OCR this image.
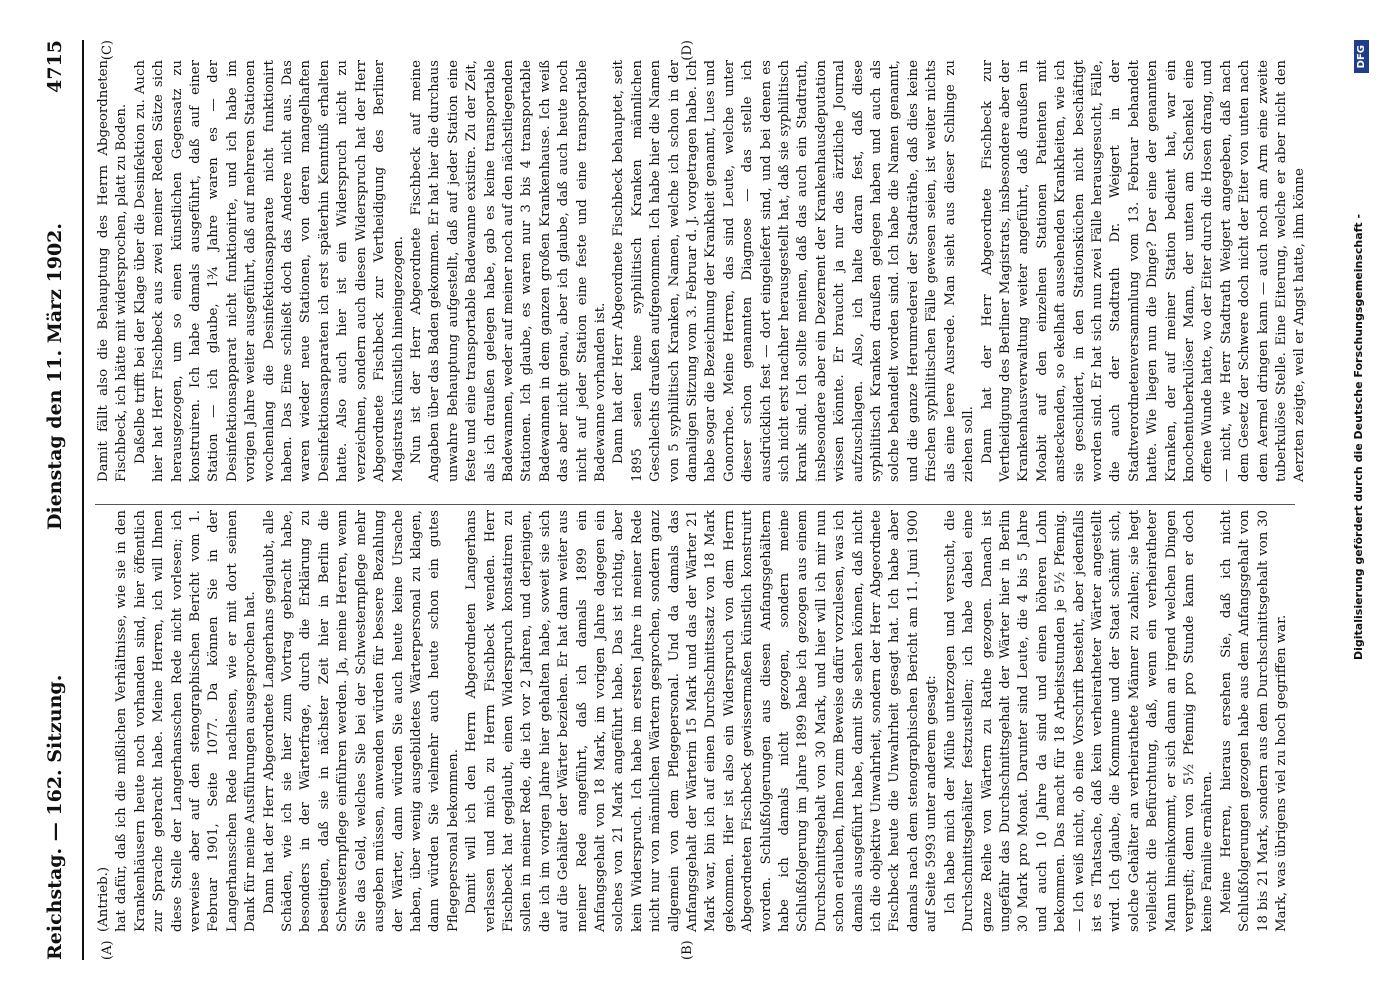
Reichstag. — 162. Sitzung.
Dienstag den 11. März 1902.
4715
(A)	(B)
(C)	(D)

(Antrieb.) hat dafür, daß ich die mißlichen Verhältnisse, wie sie in den Krankenhäusern heute noch vorhanden sind, hier öffentlich zur Sprache gebracht habe. Meine Herren, ich will Ihnen diese Stelle der Langerhansschen Rede nicht vorlesen; ich verweise aber auf den stenographischen Bericht vom 1. Februar 1901, Seite 1077. Da können Sie in der Langerhansschen Rede nachlesen, wie er mit dort seinen Dank für meine Ausführungen ausgesprochen hat. Dann hat der Herr Abgeordnete Langerhans geglaubt, alle Schäden, wie ich sie hier zum Vortrag gebracht habe, besonders in der Wärterfrage, durch die Erklärung zu beseitigen, daß sie in nächster Zeit hier in Berlin die Schwesternpflege einführen werden. Ja, meine Herren, wenn Sie das Geld, welches Sie bei der Schwesternpflege mehr ausgeben müssen, anwenden würden für bessere Bezahlung der Wärter, dann würden Sie auch heute keine Ursache haben, über wenig ausgebildetes Wärterpersonal zu klagen, dann würden Sie vielmehr auch heute schon ein gutes Pflegepersonal bekommen. Damit will ich den Herrn Abgeordneten Langerhans verlassen und mich zu Herrn Fischbeck wenden. Herr Fischbeck hat geglaubt, einen Widerspruch konstatiren zu sollen in meiner Rede, die ich vor 2 Jahren, und derjenigen, die ich im vorigen Jahre hier gehalten habe, soweit sie sich auf die Gehälter der Wärter beziehen. Er hat dann weiter aus meiner Rede angeführt, daß ich damals 1899 ein Anfangsgehalt von 18 Mark, im vorigen Jahre dagegen ein solches von 21 Mark angeführt habe. Das ist richtig, aber kein Widerspruch. Ich habe im ersten Jahre in meiner Rede nicht nur von männlichen Wärtern gesprochen, sondern ganz allgemein von dem Pflegepersonal. Und da damals das Anfangsgehalt der Wärterin 15 Mark und das der Wärter 21 Mark war, bin ich auf einen Durchschnittssatz von 18 Mark gekommen. Hier ist also ein Widerspruch von dem Herrn Abgeordneten Fischbeck gewissermaßen künstlich konstruirt worden. Schlußfolgerungen aus diesen Anfangsgehältern habe ich damals nicht gezogen, sondern meine Schlußfolgerung im Jahre 1899 habe ich gezogen aus einem Durchschnittsgehalt von 30 Mark, und hier will ich mir nun schon erlauben, Ihnen zum Beweise dafür vorzulesen, was ich damals ausgeführt habe, damit Sie sehen können, daß nicht ich die objektive Unwahrheit, sondern der Herr Abgeordnete Fischbeck heute die Unwahrheit gesagt hat. Ich habe aber damals nach dem stenographischen Bericht am 11. Juni 1900 auf Seite 5993 unter anderem gesagt: Ich habe mich der Mühe unterzogen und versucht, die Durchschnittsgehälter festzustellen; ich habe dabei eine ganze Reihe von Wärtern zu Rathe gezogen. Danach ist ungefähr das Durchschnittsgehalt der Wärter hier in Berlin 30 Mark pro Monat. Darunter sind Leute, die 4 bis 5 Jahre und auch 10 Jahre da sind und einen höheren Lohn bekommen. Das macht für 18 Arbeitsstunden je 5½ Pfennig. — Ich weiß nicht, ob eine Vorschrift besteht, aber jedenfalls ist es Thatsache, daß kein verheiratheter Wärter angestellt wird. Ich glaube, die Kommune und der Staat schämt sich, solche Gehälter an verheirathete Männer zu zahlen; sie hegt vielleicht die Befürchtung, daß, wenn ein verheiratheter Mann hineinkommt, er sich dann an irgend welchen Dingen vergreift; denn von 5½ Pfennig pro Stunde kann er doch keine Familie ernähren. Meine Herren, hieraus ersehen Sie, daß ich nicht Schlußfolgerungen gezogen habe aus dem Anfangsgehalt von 18 bis 21 Mark, sondern aus dem Durchschnittsgehalt von 30 Mark, was übrigens viel zu hoch gegriffen war.

Damit fällt also die Behauptung des Herrn Abgeordneten Fischbeck, ich hätte mit widersprochen, platt zu Boden. Daßelbe trifft bei der Klage über die Desinfektion zu. Auch hier hat Herr Fischbeck aus zwei meiner Reden Sätze sich herausgezogen, um so einen künstlichen Gegensatz zu konstruiren. Ich habe damals ausgeführt, daß auf einer Station — ich glaube, 1¾ Jahre waren es — der Desinfektionsapparat nicht funktionirte, und ich habe im vorigen Jahre weiter ausgeführt, daß auf mehreren Stationen wochenlang die Desinfektionsapparate nicht funktionirt haben. Das Eine schließt doch das Andere nicht aus. Das waren wieder neue Stationen, von deren mangelhaften Desinfektionsapparaten ich erst späterhin Kenntniß erhalten hatte. Also auch hier ist ein Widerspruch nicht zu verzeichnen, sondern auch diesen Widerspruch hat der Herr Abgeordnete Fischbeck zur Vertheidigung des Berliner Magistrats künstlich hineingezogen. Nun ist der Herr Abgeordnete Fischbeck auf meine Angaben über das Baden gekommen. Er hat hier die durchaus unwahre Behauptung aufgestellt, daß auf jeder Station eine feste und eine transportable Badewanne existire. Zu der Zeit, als ich draußen gelegen habe, gab es keine transportable Badewannen, weder auf meiner noch auf den nächstliegenden Stationen. Ich glaube, es waren nur 3 bis 4 transportable Badewannen in dem ganzen großen Krankenhause. Ich weiß das aber nicht genau, aber ich glaube, daß auch heute noch nicht auf jeder Station eine feste und eine transportable Badewanne vorhanden ist. Dann hat der Herr Abgeordnete Fischbeck behauptet, seit 1895 seien keine syphilitisch Kranken männlichen Geschlechts draußen aufgenommen. Ich habe hier die Namen von 5 syphilitisch Kranken, Namen, welche ich schon in der damaligen Sitzung vom 3. Februar d. J. vorgetragen habe. Ich habe sogar die Bezeichnung der Krankheit genannt, Lues und Gonorrhoe. Meine Herren, das sind Leute, welche unter dieser schon genannten Diagnose — das stelle ich ausdrücklich fest — dort eingeliefert sind, und bei denen es sich nicht erst nachher herausgestellt hat, daß sie syphilitisch krank sind. Ich sollte meinen, daß das auch ein Stadtrath, insbesondere aber ein Dezernent der Krankenhausdeputation wissen könnte. Er braucht ja nur das ärztliche Journal aufzuschlagen. Also, ich halte daran fest, daß diese syphilitisch Kranken draußen gelegen haben und auch als solche behandelt worden sind. Ich habe die Namen genannt, und die ganze Herumrederei der Stadträthe, daß dies keine frischen syphilitischen Fälle gewesen seien, ist weiter nichts als eine leere Ausrede. Man sieht aus dieser Schlinge zu ziehen soll. Dann hat der Herr Abgeordnete Fischbeck zur Vertheidigung des Berliner Magistrats, insbesondere aber der Krankenhausverwaltung weiter angeführt, daß draußen in Moabit auf den einzelnen Stationen Patienten mit ansteckenden, so ekelhaft aussehenden Krankheiten, wie ich sie geschildert, in den Stationsküchen nicht beschäftigt worden sind. Er hat sich nun zwei Fälle herausgesucht, Fälle, die auch der Stadtrath Dr. Weigert in der Stadtverordnetenversammlung vom 13. Februar behandelt hatte. Wie liegen nun die Dinge? Der eine der genannten Kranken, der auf meiner Station bedient hat, war ein knochentuberkulöser Mann, der unten am Schenkel eine offene Wunde hatte, wo der Eiter durch die Hosen drang, und — nicht, wie Herr Stadtrath Weigert angegeben, daß nach dem Gesetz der Schwere doch nicht der Eiter von unten nach dem Aermel dringen kann — auch noch am Arm eine zweite tuberkulöse Stelle. Eine Eiterung, welche er aber nicht den Aerzten zeigte, weil er Angst hatte, ihm könne	Digitalisierung gefördert durch die Deutsche Forschungsgemeinschaft -
DFG
